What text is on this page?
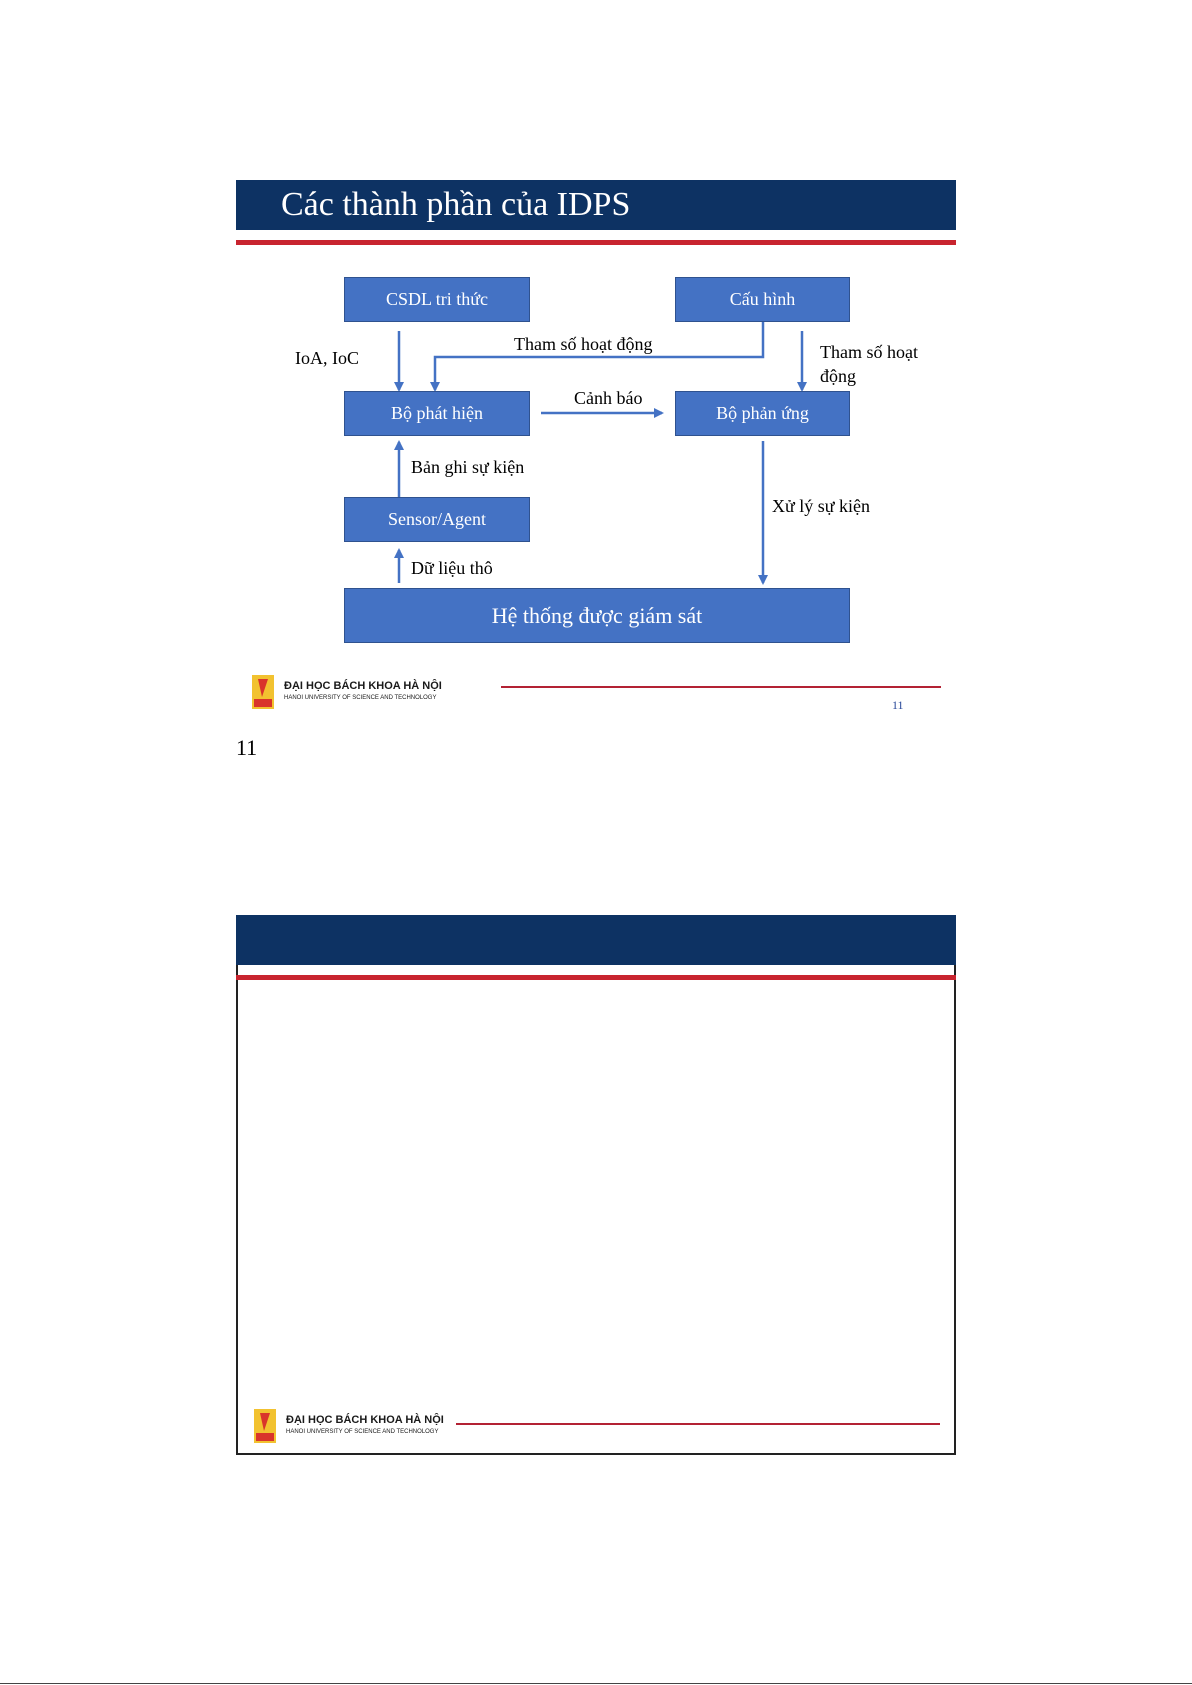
Các thành phần của IDPS
CSDL tri thức	Cấu hình
Bộ phát hiện	Bộ phản ứng
Sensor/Agent
Hệ thống được giám sát
IoA, IoC
Tham số hoạt động	Tham số hoạt
động
Cảnh báo
Bản ghi sự kiện
Xử lý sự kiện
Dữ liệu thô
ĐẠI HỌC BÁCH KHOA HÀ NỘI
HANOI UNIVERSITY OF SCIENCE AND TECHNOLOGY	11
11
ĐẠI HỌC BÁCH KHOA HÀ NỘI
HANOI UNIVERSITY OF SCIENCE AND TECHNOLOGY
